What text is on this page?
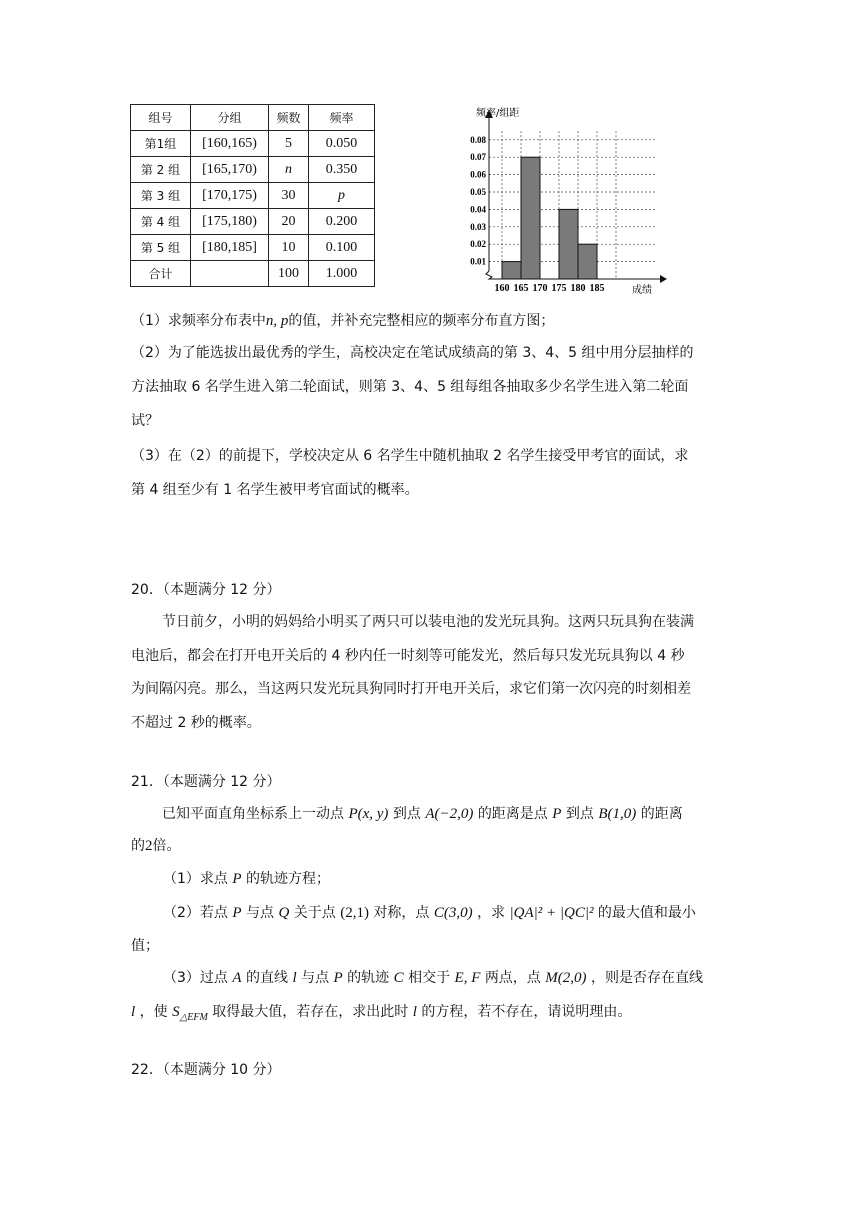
组号	分组	频数	频率
第1组	[160,165)	5	0.050
第 2 组	[165,170)	n	0.350
第 3 组	[170,175)	30	p
第 4 组	[175,180)	20	0.200
第 5 组	[180,185]	10	0.100
合计		100	1.000
0.01
0.02
0.03
0.04
0.05
0.06
0.07
0.08
160 165 170 175 180 185
频率/组距
成绩
（1）求频率分布表中n, p的值，并补充完整相应的频率分布直方图；
（2）为了能选拔出最优秀的学生，高校决定在笔试成绩高的第 3、4、5 组中用分层抽样的
方法抽取 6 名学生进入第二轮面试，则第 3、4、5 组每组各抽取多少名学生进入第二轮面
试？
（3）在（2）的前提下，学校决定从 6 名学生中随机抽取 2 名学生接受甲考官的面试，求
第 4 组至少有 1 名学生被甲考官面试的概率。
20．（本题满分 12 分）
节日前夕，小明的妈妈给小明买了两只可以装电池的发光玩具狗。这两只玩具狗在装满
电池后，都会在打开电开关后的 4 秒内任一时刻等可能发光，然后每只发光玩具狗以 4 秒
为间隔闪亮。那么，当这两只发光玩具狗同时打开电开关后，求它们第一次闪亮的时刻相差
不超过 2 秒的概率。
21．（本题满分 12 分）
已知平面直角坐标系上一动点 P(x, y) 到点 A(−2,0) 的距离是点 P 到点 B(1,0) 的距离
的2倍。
（1）求点 P 的轨迹方程；
（2）若点 P 与点 Q 关于点 (2,1) 对称，点 C(3,0) ，求 |QA|² + |QC|² 的最大值和最小
值；
（3）过点 A 的直线 l 与点 P 的轨迹 C 相交于 E, F 两点，点 M(2,0) ，则是否存在直线
l ，使 $S_{\triangle EFM}$ 取得最大值，若存在，求出此时 l 的方程，若不存在，请说明理由。
22．（本题满分 10 分）
